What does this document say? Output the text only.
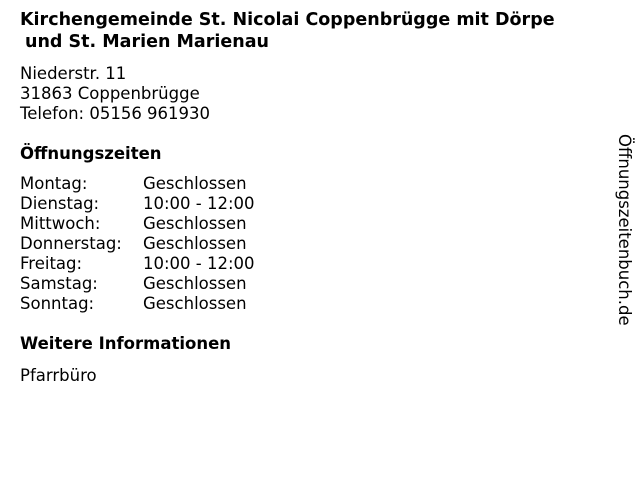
Kirchengemeinde St. Nicolai Coppenbrügge mit Dörpe
und St. Marien Marienau
Niederstr. 11
31863 Coppenbrügge
Telefon: 05156 961930
Öffnungszeiten
Montag:	Geschlossen
Dienstag:	10:00 - 12:00
Mittwoch:	Geschlossen
Donnerstag:	Geschlossen
Freitag:	10:00 - 12:00
Samstag:	Geschlossen
Sonntag:	Geschlossen
Weitere Informationen
Pfarrbüro
Öffnungszeitenbuch.de
